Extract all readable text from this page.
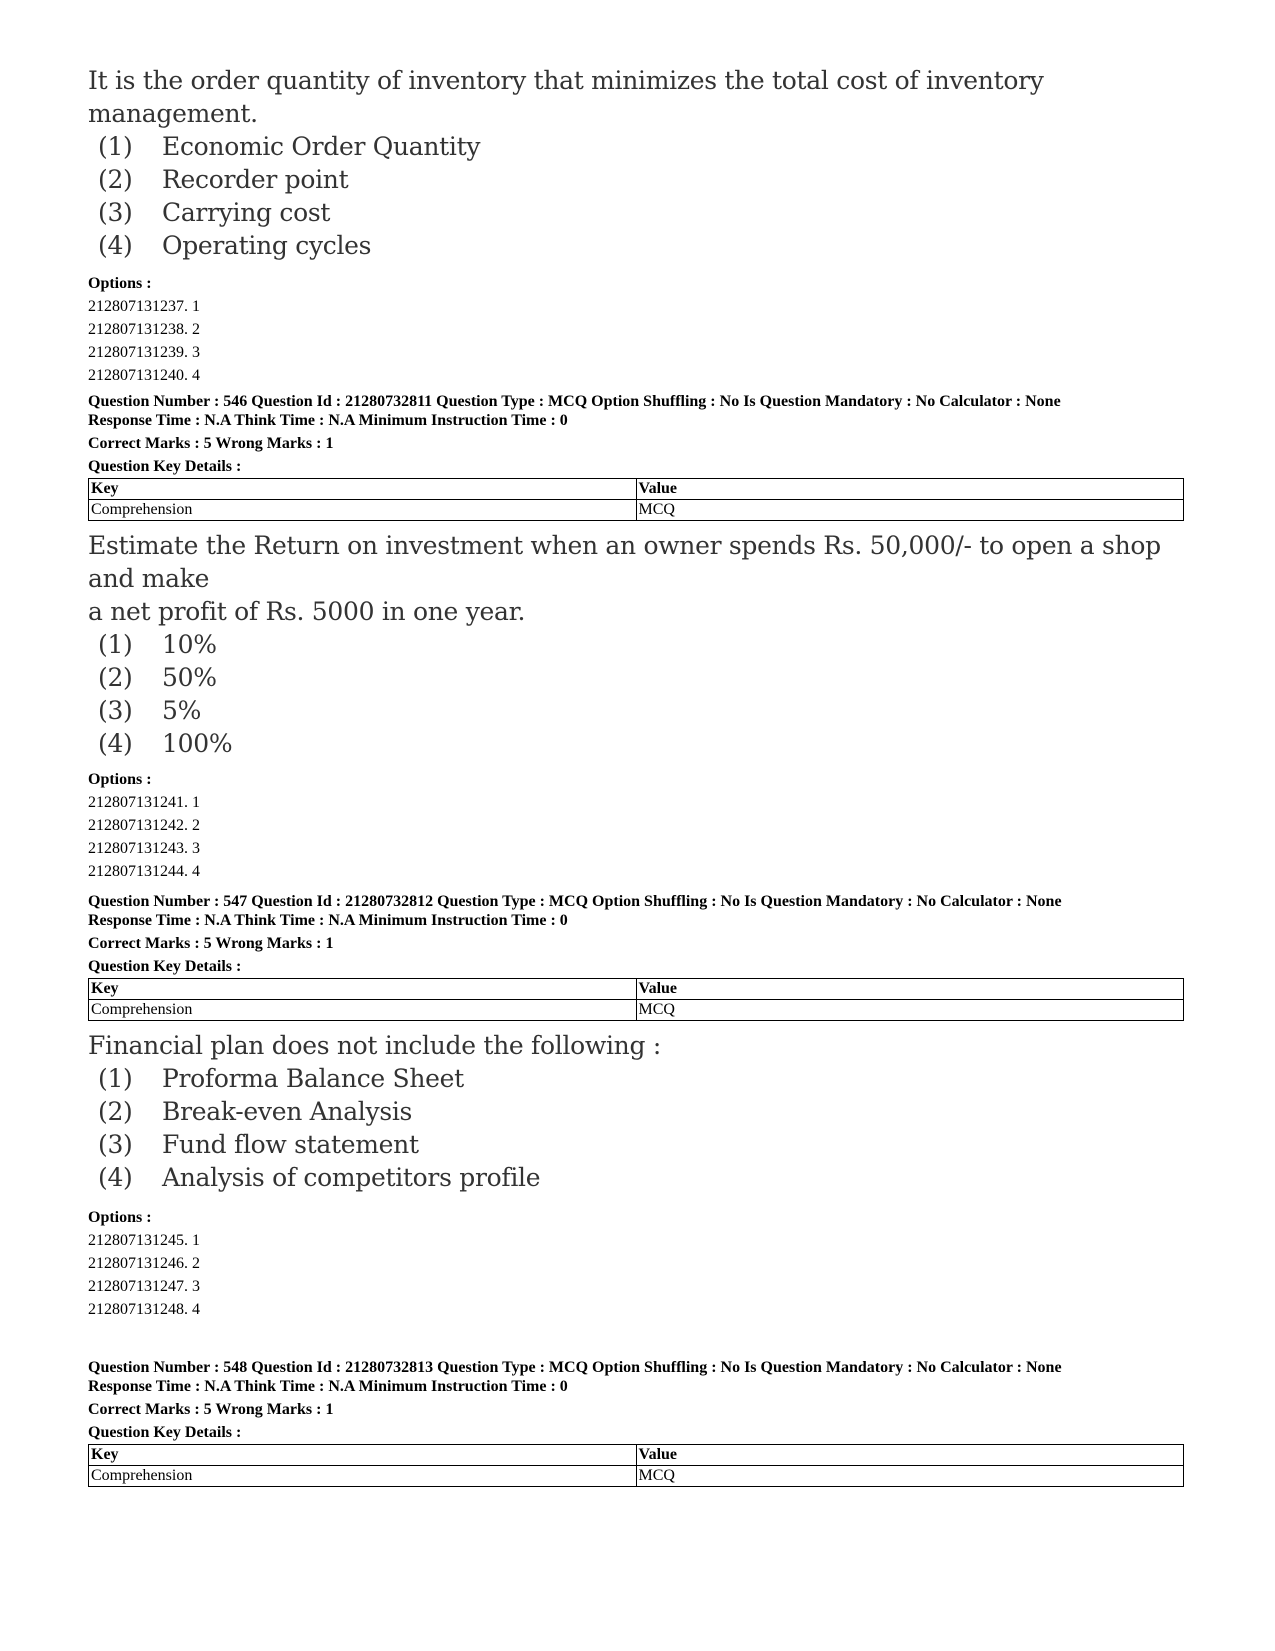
It is the order quantity of inventory that minimizes the total cost of inventory management.
(1)	Economic Order Quantity
(2)	Recorder point
(3)	Carrying cost
(4)	Operating cycles
Options :
212807131237. 1
212807131238. 2
212807131239. 3
212807131240. 4
Question Number : 546 Question Id : 21280732811 Question Type : MCQ Option Shuffling : No Is Question Mandatory : No Calculator : None
Response Time : N.A Think Time : N.A Minimum Instruction Time : 0
Correct Marks : 5 Wrong Marks : 1
Question Key Details :
Key	Value
Comprehension	MCQ
Estimate the Return on investment when an owner spends Rs. 50,000/- to open a shop and make
a net profit of Rs. 5000 in one year.
(1)	10%
(2)	50%
(3)	5%
(4)	100%
Options :
212807131241. 1
212807131242. 2
212807131243. 3
212807131244. 4
Question Number : 547 Question Id : 21280732812 Question Type : MCQ Option Shuffling : No Is Question Mandatory : No Calculator : None
Response Time : N.A Think Time : N.A Minimum Instruction Time : 0
Correct Marks : 5 Wrong Marks : 1
Question Key Details :
Key	Value
Comprehension	MCQ
Financial plan does not include the following :
(1)	Proforma Balance Sheet
(2)	Break-even Analysis
(3)	Fund flow statement
(4)	Analysis of competitors profile
Options :
212807131245. 1
212807131246. 2
212807131247. 3
212807131248. 4
Question Number : 548 Question Id : 21280732813 Question Type : MCQ Option Shuffling : No Is Question Mandatory : No Calculator : None
Response Time : N.A Think Time : N.A Minimum Instruction Time : 0
Correct Marks : 5 Wrong Marks : 1
Question Key Details :
Key	Value
Comprehension	MCQ
